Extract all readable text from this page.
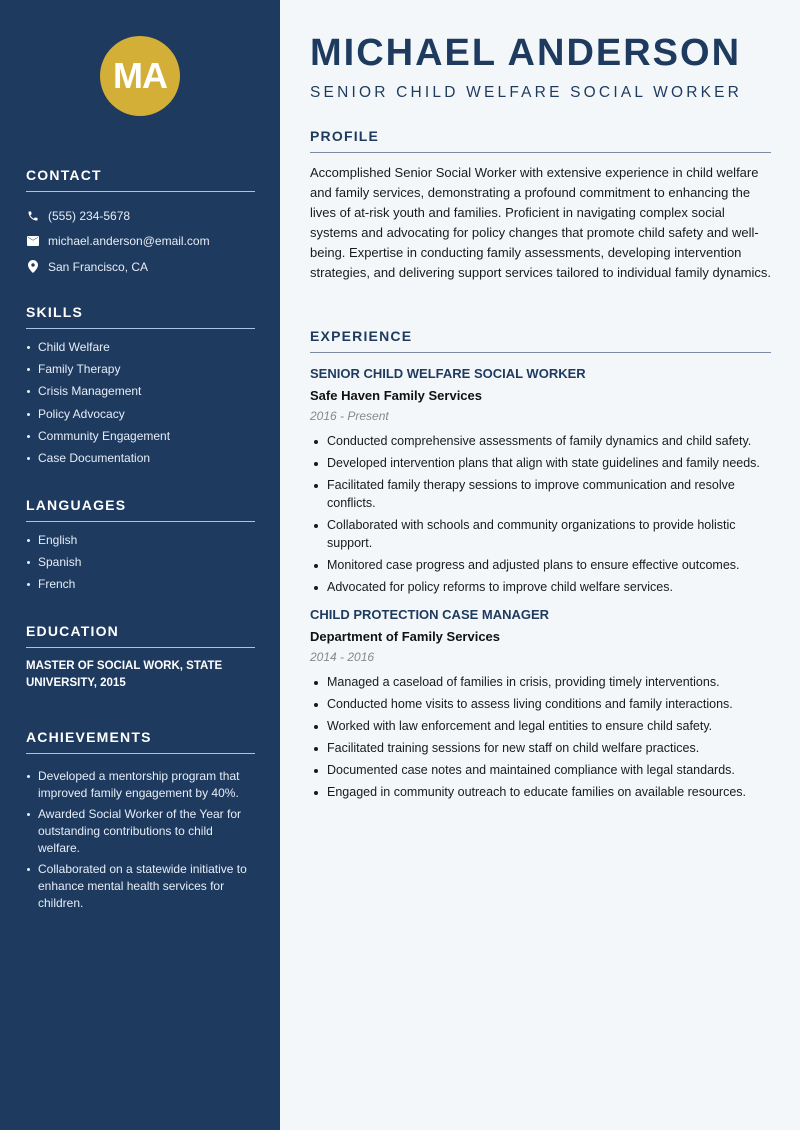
MA
CONTACT
(555) 234-5678
michael.anderson@email.com
San Francisco, CA
SKILLS
Child Welfare
Family Therapy
Crisis Management
Policy Advocacy
Community Engagement
Case Documentation
LANGUAGES
English
Spanish
French
EDUCATION

MASTER OF SOCIAL WORK, STATE UNIVERSITY, 2015

ACHIEVEMENTS
Developed a mentorship program that improved family engagement by 40%.
Awarded Social Worker of the Year for outstanding contributions to child welfare.
Collaborated on a statewide initiative to enhance mental health services for children.
MICHAEL ANDERSON
SENIOR CHILD WELFARE SOCIAL WORKER
PROFILE

Accomplished Senior Social Worker with extensive experience in child welfare and family services, demonstrating a profound commitment to enhancing the lives of at-risk youth and families. Proficient in navigating complex social systems and advocating for policy changes that promote child safety and well-being. Expertise in conducting family assessments, developing intervention strategies, and delivering support services tailored to individual family dynamics.

EXPERIENCE
SENIOR CHILD WELFARE SOCIAL WORKER
Safe Haven Family Services
2016 - Present
Conducted comprehensive assessments of family dynamics and child safety.
Developed intervention plans that align with state guidelines and family needs.
Facilitated family therapy sessions to improve communication and resolve conflicts.
Collaborated with schools and community organizations to provide holistic support.
Monitored case progress and adjusted plans to ensure effective outcomes.
Advocated for policy reforms to improve child welfare services.
CHILD PROTECTION CASE MANAGER
Department of Family Services
2014 - 2016
Managed a caseload of families in crisis, providing timely interventions.
Conducted home visits to assess living conditions and family interactions.
Worked with law enforcement and legal entities to ensure child safety.
Facilitated training sessions for new staff on child welfare practices.
Documented case notes and maintained compliance with legal standards.
Engaged in community outreach to educate families on available resources.
